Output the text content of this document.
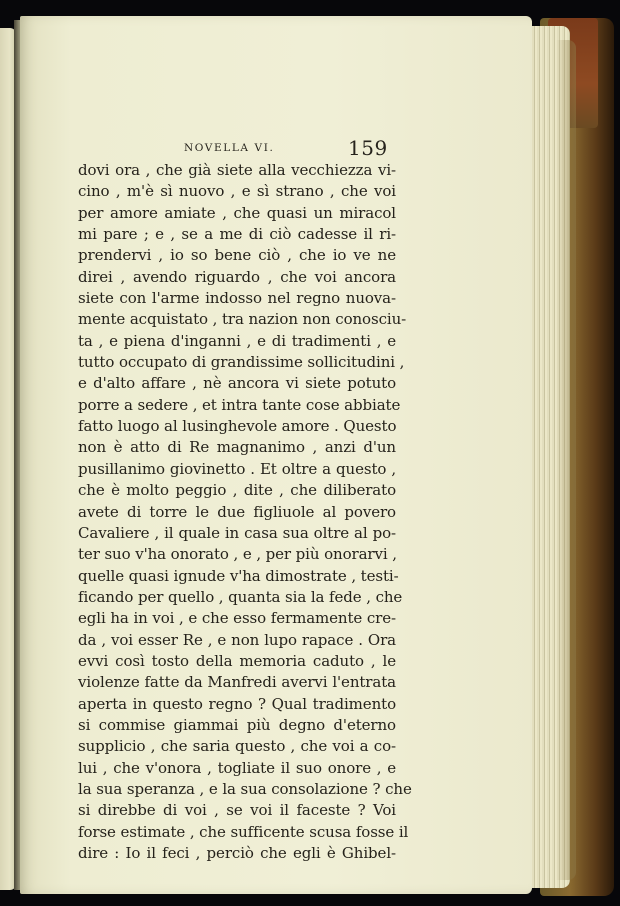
NOVELLA VI.	159
dovi ora , che già siete alla vecchiezza vi-
cino , m'è sì nuovo , e sì strano , che voi
per amore amiate , che quasi un miracol
mi pare ; e , se a me di ciò cadesse il ri-
prendervi , io so bene ciò , che io ve ne
direi , avendo riguardo , che voi ancora
siete con l'arme indosso nel regno nuova-
mente acquistato , tra nazion non conosciu-
ta , e piena d'inganni , e di tradimenti , e
tutto occupato di grandissime sollicitudini ,
e d'alto affare , nè ancora vi siete potuto
porre a sedere , et intra tante cose abbiate
fatto luogo al lusinghevole amore . Questo
non è atto di Re magnanimo , anzi d'un
pusillanimo giovinetto . Et oltre a questo ,
che è molto peggio , dite , che diliberato
avete di torre le due figliuole al povero
Cavaliere , il quale in casa sua oltre al po-
ter suo v'ha onorato , e , per più onorarvi ,
quelle quasi ignude v'ha dimostrate , testi-
ficando per quello , quanta sia la fede , che
egli ha in voi , e che esso fermamente cre-
da , voi esser Re , e non lupo rapace . Ora
evvi così tosto della memoria caduto , le
violenze fatte da Manfredi avervi l'entrata
aperta in questo regno ? Qual tradimento
si commise giammai più degno d'eterno
supplicio , che saria questo , che voi a co-
lui , che v'onora , togliate il suo onore , e
la sua speranza , e la sua consolazione ? che
si direbbe di voi , se voi il faceste ? Voi
forse estimate , che sufficente scusa fosse il
dire : Io il feci , perciò che egli è Ghibel-
